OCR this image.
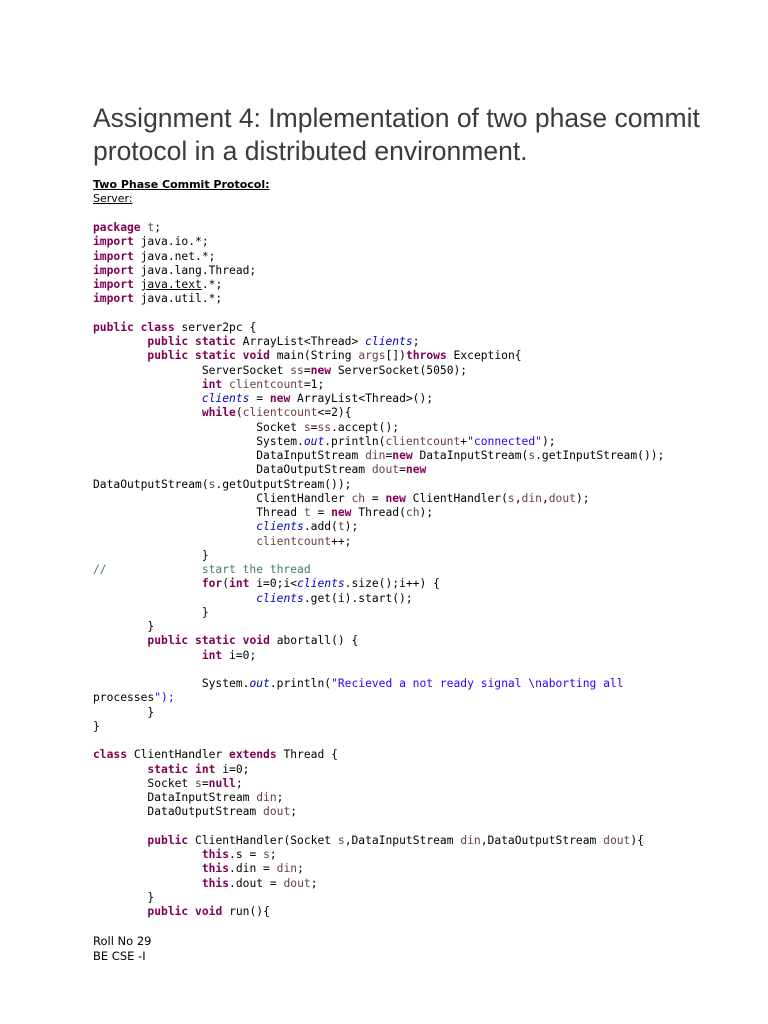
Assignment 4: Implementation of two phase commit protocol in a distributed environment.
Two Phase Commit Protocol:
Server:
package t;
import java.io.*;
import java.net.*;
import java.lang.Thread;
import java.text.*;
import java.util.*;
public class server2pc {
public static ArrayList<Thread> clients;
public static void main(String args[])throws Exception{
ServerSocket ss=new ServerSocket(5050);
int clientcount=1;
clients = new ArrayList<Thread>();
while(clientcount<=2){
Socket s=ss.accept();
System.out.println(clientcount+"connected");
DataInputStream din=new DataInputStream(s.getInputStream());
DataOutputStream dout=new
DataOutputStream(s.getOutputStream());
ClientHandler ch = new ClientHandler(s,din,dout);
Thread t = new Thread(ch);
clients.add(t);
clientcount++;
}
//              start the thread
for(int i=0;i<clients.size();i++) {
clients.get(i).start();
}
}
public static void abortall() {
int i=0;
System.out.println("Recieved a not ready signal \naborting all
processes");
}
}
class ClientHandler extends Thread {
static int i=0;
Socket s=null;
DataInputStream din;
DataOutputStream dout;
public ClientHandler(Socket s,DataInputStream din,DataOutputStream dout){
this.s = s;
this.din = din;
this.dout = dout;
}
public void run(){
Roll No 29
BE CSE -I
